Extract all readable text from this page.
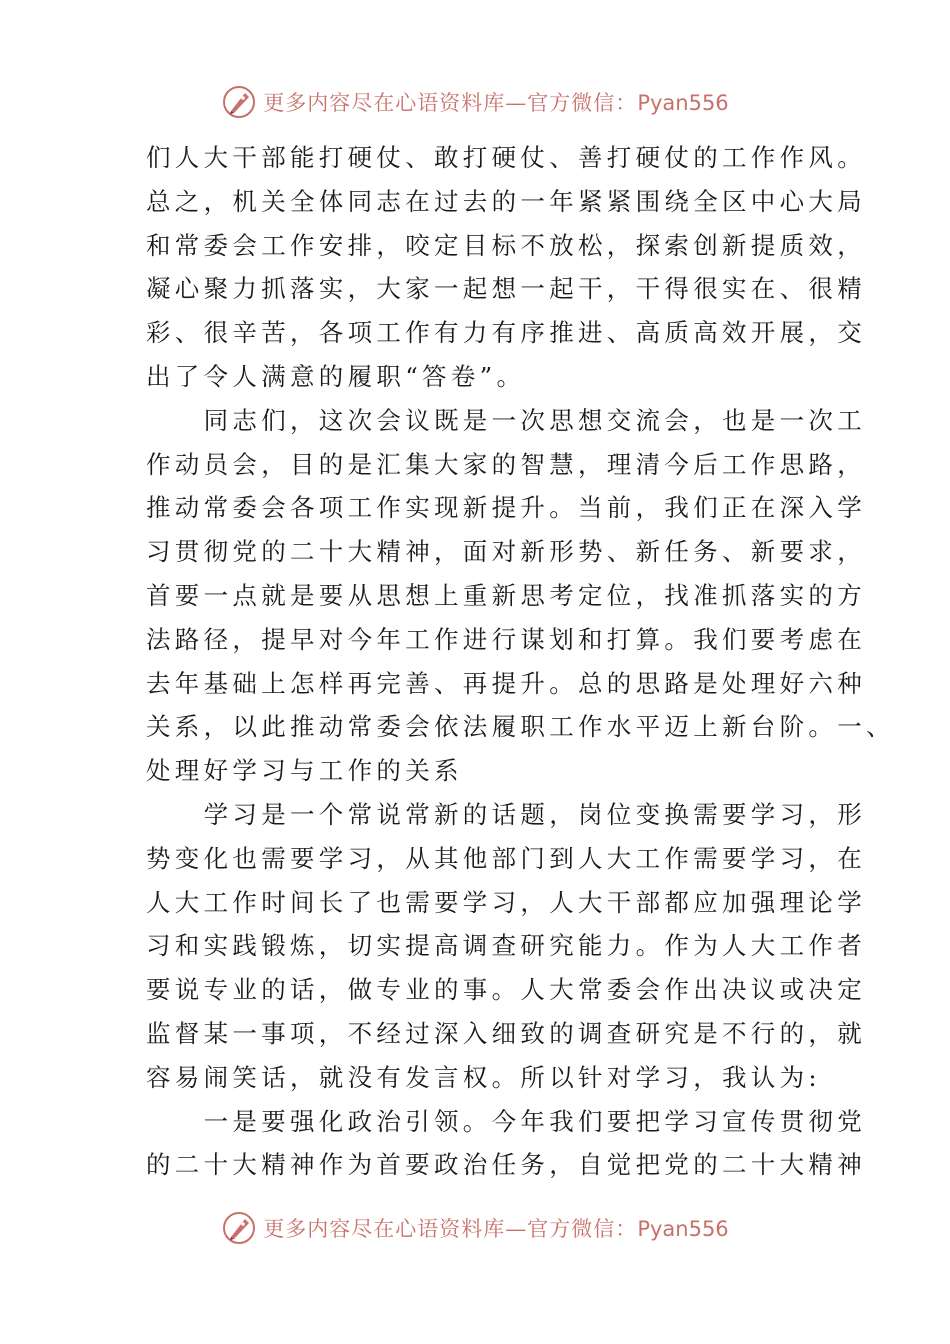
更多内容尽在心语资料库—官方微信：Pyan556
们人大干部能打硬仗、敢打硬仗、善打硬仗的工作作风。
总之，机关全体同志在过去的一年紧紧围绕全区中心大局
和常委会工作安排，咬定目标不放松，探索创新提质效，
凝心聚力抓落实，大家一起想一起干，干得很实在、很精
彩、很辛苦，各项工作有力有序推进、高质高效开展，交
出了令人满意的履职“答卷”。
　　同志们，这次会议既是一次思想交流会，也是一次工
作动员会，目的是汇集大家的智慧，理清今后工作思路，
推动常委会各项工作实现新提升。当前，我们正在深入学
习贯彻党的二十大精神，面对新形势、新任务、新要求，
首要一点就是要从思想上重新思考定位，找准抓落实的方
法路径，提早对今年工作进行谋划和打算。我们要考虑在
去年基础上怎样再完善、再提升。总的思路是处理好六种
关系，以此推动常委会依法履职工作水平迈上新台阶。一、
处理好学习与工作的关系
　　学习是一个常说常新的话题，岗位变换需要学习，形
势变化也需要学习，从其他部门到人大工作需要学习，在
人大工作时间长了也需要学习，人大干部都应加强理论学
习和实践锻炼，切实提高调查研究能力。作为人大工作者
要说专业的话，做专业的事。人大常委会作出决议或决定
监督某一事项，不经过深入细致的调查研究是不行的，就
容易闹笑话，就没有发言权。所以针对学习，我认为:
　　一是要强化政治引领。今年我们要把学习宣传贯彻党
的二十大精神作为首要政治任务，自觉把党的二十大精神
更多内容尽在心语资料库—官方微信：Pyan556
